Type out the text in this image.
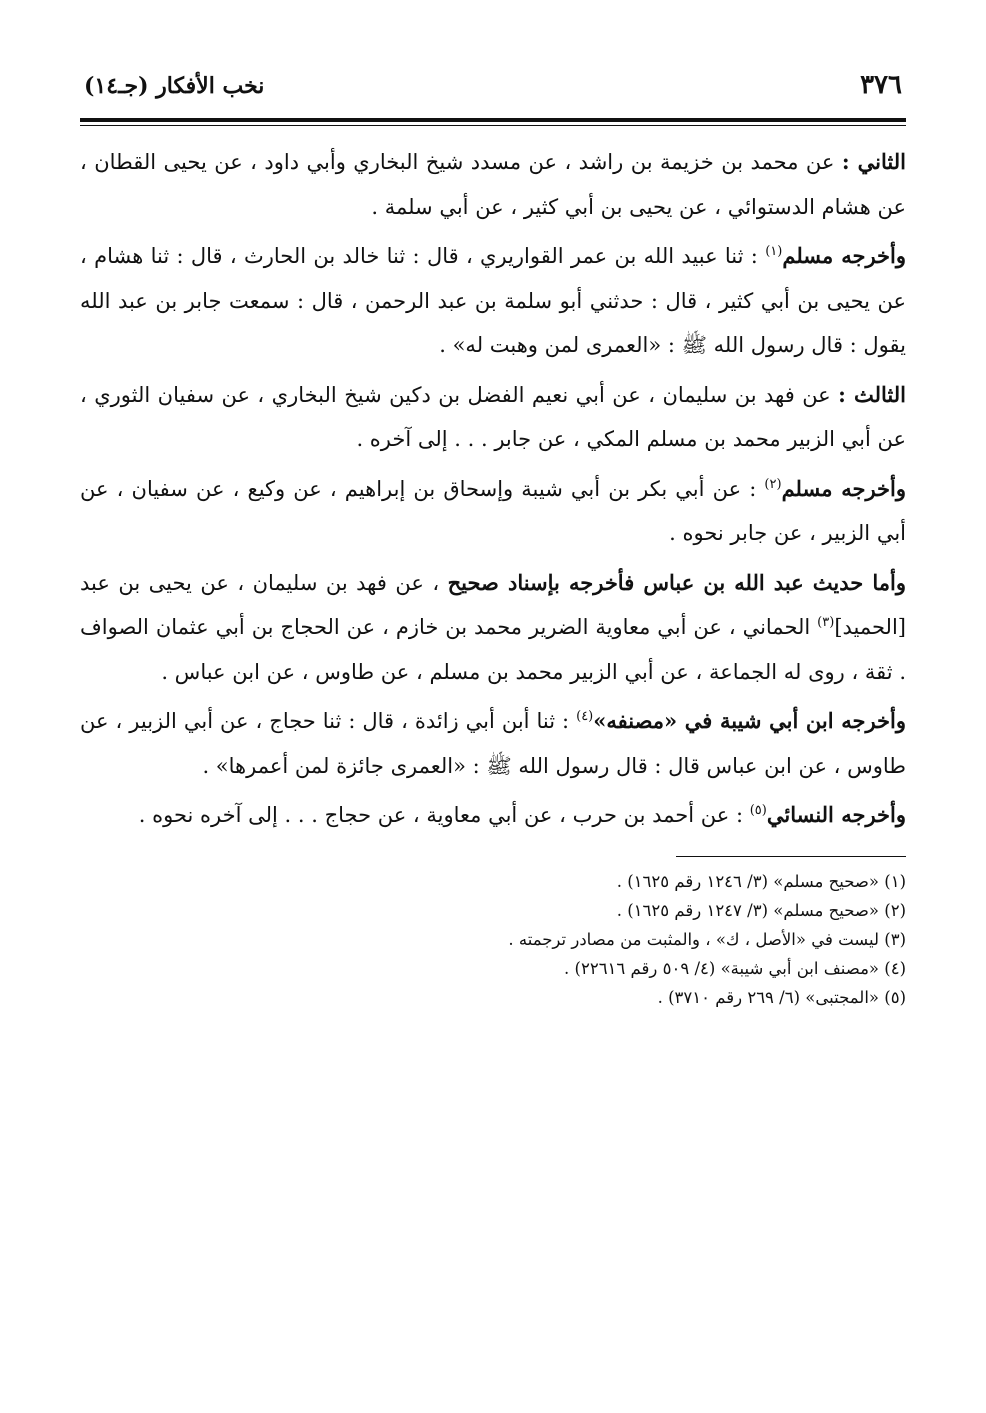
٣٧٦
نخب الأفكار (جـ١٤)

الثاني : عن محمد بن خزيمة بن راشد ، عن مسدد شيخ البخاري وأبي داود ، عن يحيى القطان ، عن هشام الدستوائي ، عن يحيى بن أبي كثير ، عن أبي سلمة .

وأخرجه مسلم$^{(١)}$ : ثنا عبيد الله بن عمر القواريري ، قال : ثنا خالد بن الحارث ، قال : ثنا هشام ، عن يحيى بن أبي كثير ، قال : حدثني أبو سلمة بن عبد الرحمن ، قال : سمعت جابر بن عبد الله يقول : قال رسول الله ﷺ : «العمرى لمن وهبت له» .

الثالث : عن فهد بن سليمان ، عن أبي نعيم الفضل بن دكين شيخ البخاري ، عن سفيان الثوري ، عن أبي الزبير محمد بن مسلم المكي ، عن جابر . . . إلى آخره .

وأخرجه مسلم$^{(٢)}$ : عن أبي بكر بن أبي شيبة وإسحاق بن إبراهيم ، عن وكيع ، عن سفيان ، عن أبي الزبير ، عن جابر نحوه .

وأما حديث عبد الله بن عباس فأخرجه بإسناد صحيح ، عن فهد بن سليمان ، عن يحيى بن عبد [الحميد]$^{(٣)}$ الحماني ، عن أبي معاوية الضرير محمد بن خازم ، عن الحجاج بن أبي عثمان الصواف . ثقة ، روى له الجماعة ، عن أبي الزبير محمد بن مسلم ، عن طاوس ، عن ابن عباس .

وأخرجه ابن أبي شيبة في «مصنفه»$^{(٤)}$ : ثنا أبن أبي زائدة ، قال : ثنا حجاج ، عن أبي الزبير ، عن طاوس ، عن ابن عباس قال : قال رسول الله ﷺ : «العمرى جائزة لمن أعمرها» .

وأخرجه النسائي$^{(٥)}$ : عن أحمد بن حرب ، عن أبي معاوية ، عن حجاج . . . إلى آخره نحوه .

(١) «صحيح مسلم» (٣/ ١٢٤٦ رقم ١٦٢٥) .

(٢) «صحيح مسلم» (٣/ ١٢٤٧ رقم ١٦٢٥) .

(٣) ليست في «الأصل ، ك» ، والمثبت من مصادر ترجمته .

(٤) «مصنف ابن أبي شيبة» (٤/ ٥٠٩ رقم ٢٢٦١٦) .

(٥) «المجتبى» (٦/ ٢٦٩ رقم ٣٧١٠) .
